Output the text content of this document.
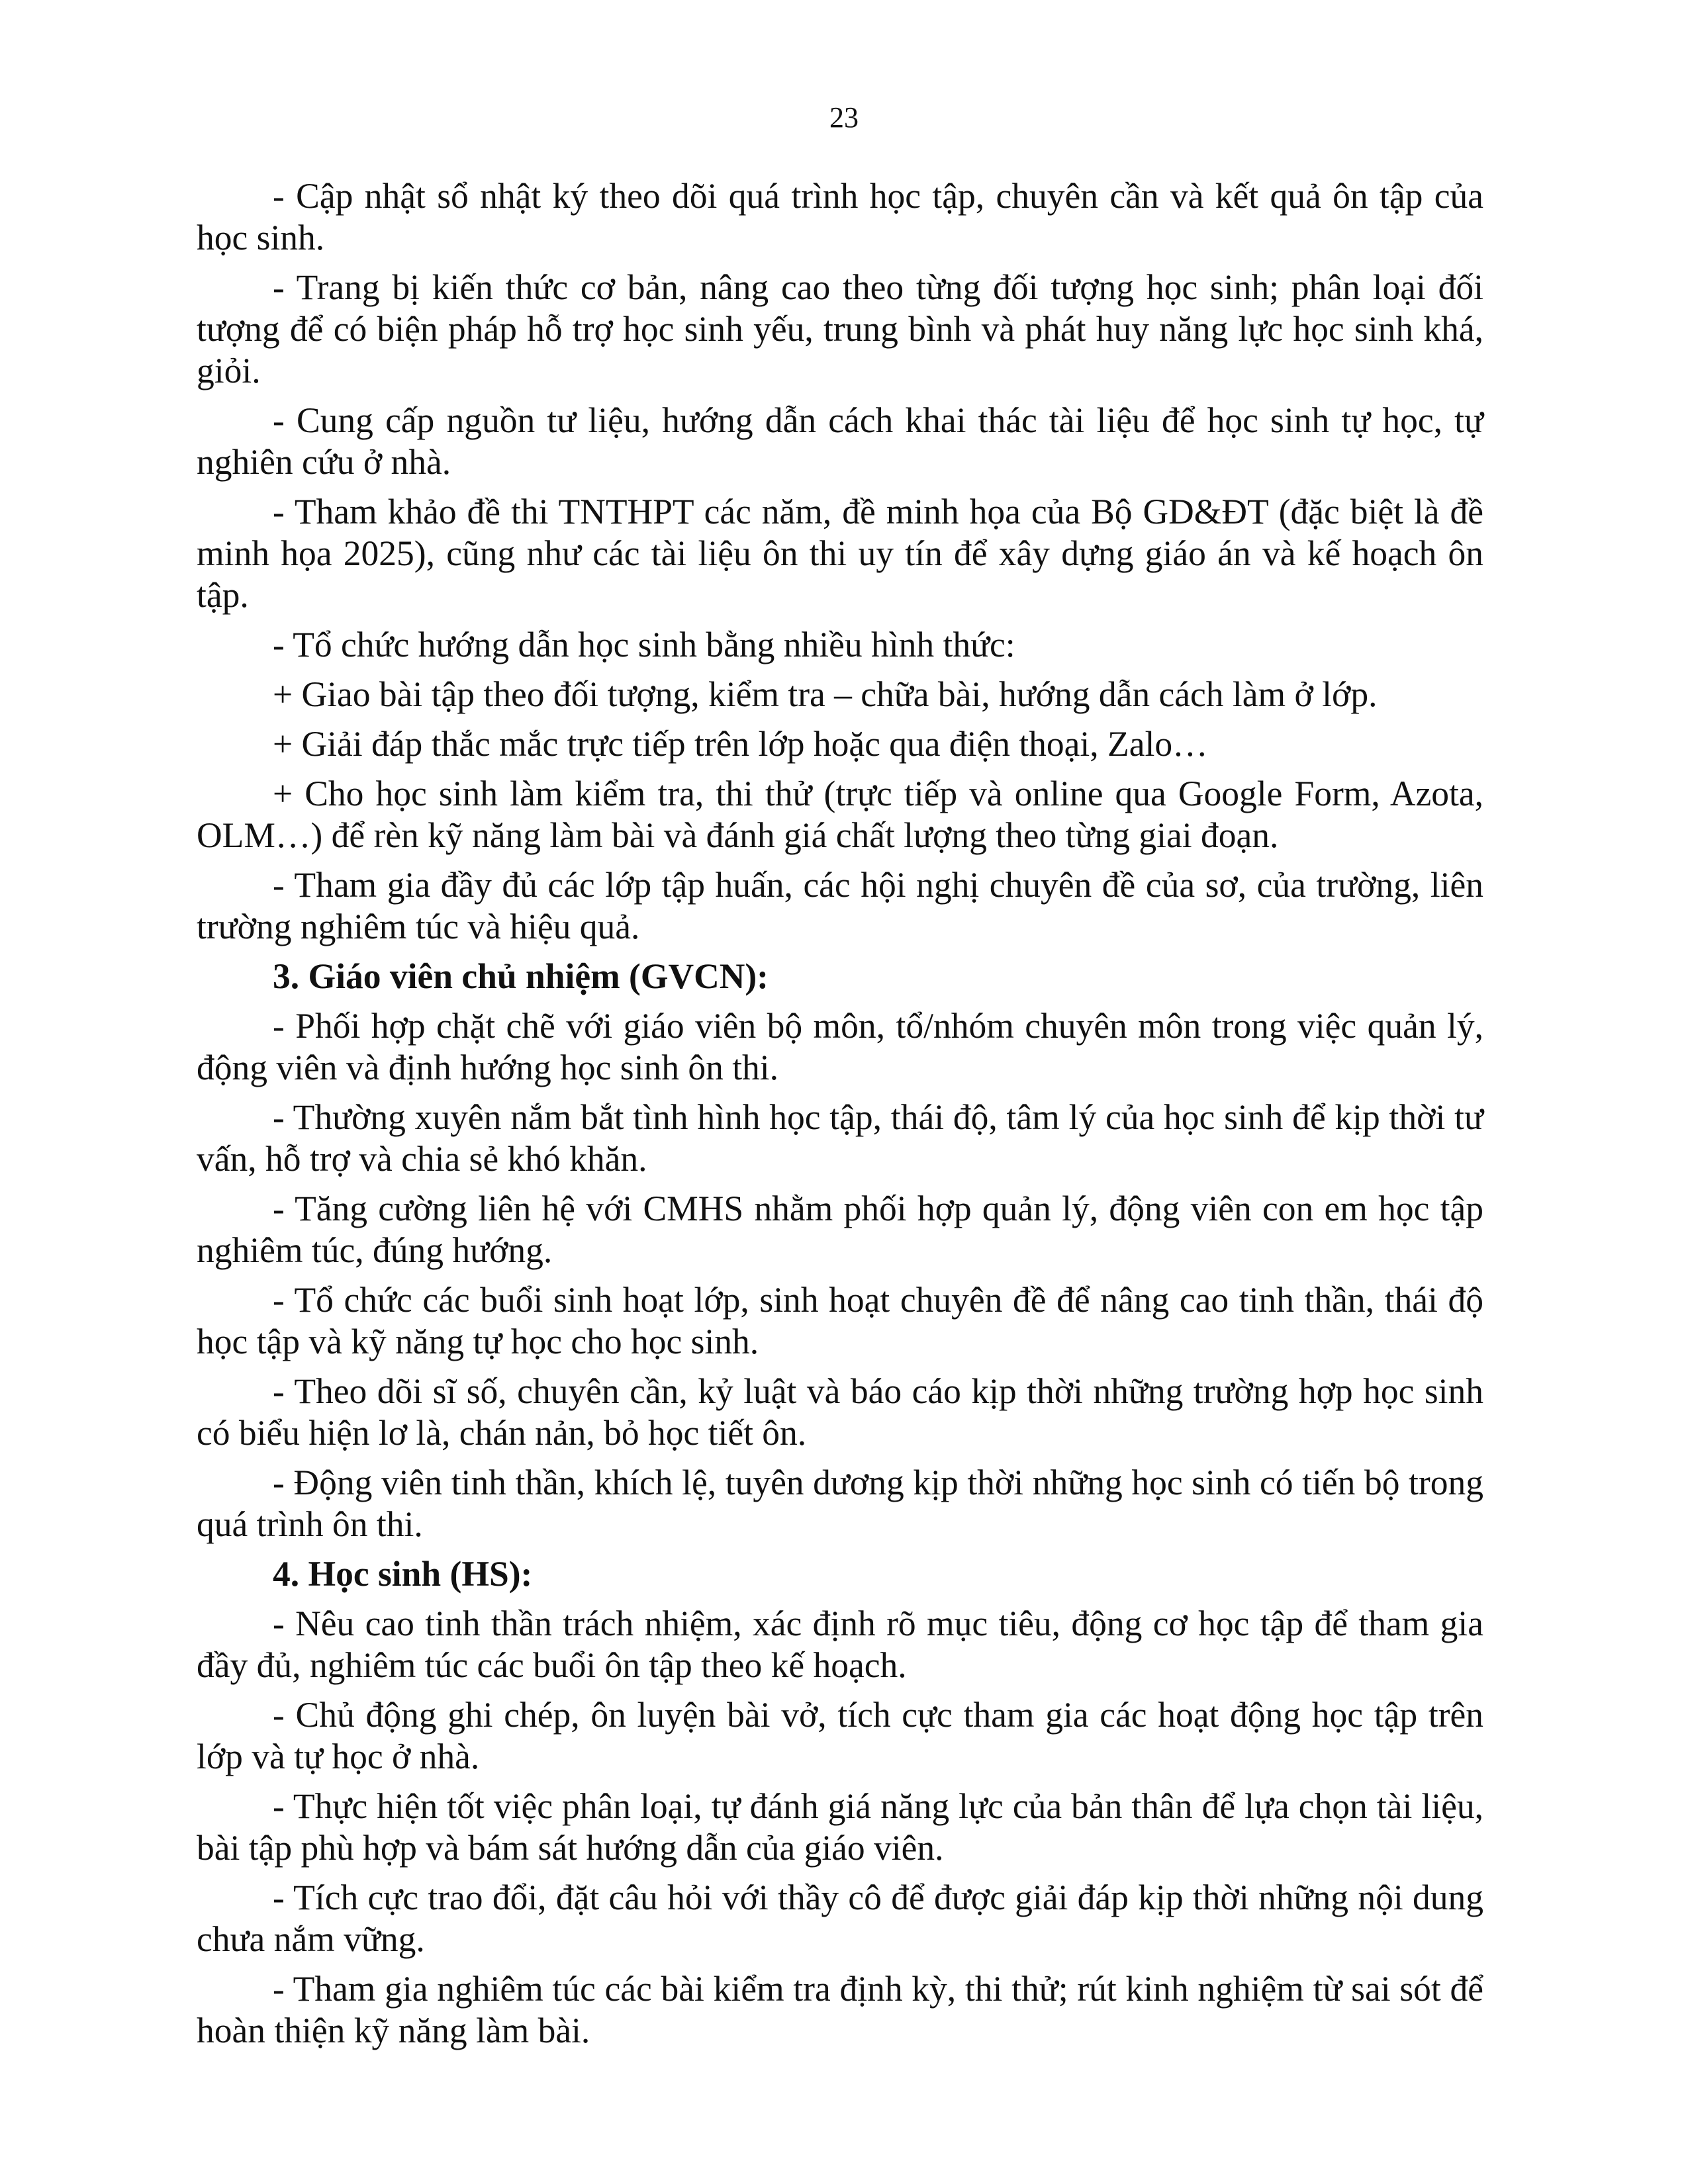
23

- Cập nhật sổ nhật ký theo dõi quá trình học tập, chuyên cần và kết quả ôn tập của học sinh.

- Trang bị kiến thức cơ bản, nâng cao theo từng đối tượng học sinh; phân loại đối tượng để có biện pháp hỗ trợ học sinh yếu, trung bình và phát huy năng lực học sinh khá, giỏi.

- Cung cấp nguồn tư liệu, hướng dẫn cách khai thác tài liệu để học sinh tự học, tự nghiên cứu ở nhà.

- Tham khảo đề thi TNTHPT các năm, đề minh họa của Bộ GD&ĐT (đặc biệt là đề minh họa 2025), cũng như các tài liệu ôn thi uy tín để xây dựng giáo án và kế hoạch ôn tập.

- Tổ chức hướng dẫn học sinh bằng nhiều hình thức:

+ Giao bài tập theo đối tượng, kiểm tra – chữa bài, hướng dẫn cách làm ở lớp.

+ Giải đáp thắc mắc trực tiếp trên lớp hoặc qua điện thoại, Zalo…

+ Cho học sinh làm kiểm tra, thi thử (trực tiếp và online qua Google Form, Azota, OLM…) để rèn kỹ năng làm bài và đánh giá chất lượng theo từng giai đoạn.

- Tham gia đầy đủ các lớp tập huấn, các hội nghị chuyên đề của sơ, của trường, liên trường nghiêm túc và hiệu quả.

3. Giáo viên chủ nhiệm (GVCN):

- Phối hợp chặt chẽ với giáo viên bộ môn, tổ/nhóm chuyên môn trong việc quản lý, động viên và định hướng học sinh ôn thi.

- Thường xuyên nắm bắt tình hình học tập, thái độ, tâm lý của học sinh để kịp thời tư vấn, hỗ trợ và chia sẻ khó khăn.

- Tăng cường liên hệ với CMHS nhằm phối hợp quản lý, động viên con em học tập nghiêm túc, đúng hướng.

- Tổ chức các buổi sinh hoạt lớp, sinh hoạt chuyên đề để nâng cao tinh thần, thái độ học tập và kỹ năng tự học cho học sinh.

- Theo dõi sĩ số, chuyên cần, kỷ luật và báo cáo kịp thời những trường hợp học sinh có biểu hiện lơ là, chán nản, bỏ học tiết ôn.

- Động viên tinh thần, khích lệ, tuyên dương kịp thời những học sinh có tiến bộ trong quá trình ôn thi.

4. Học sinh (HS):

- Nêu cao tinh thần trách nhiệm, xác định rõ mục tiêu, động cơ học tập để tham gia đầy đủ, nghiêm túc các buổi ôn tập theo kế hoạch.

- Chủ động ghi chép, ôn luyện bài vở, tích cực tham gia các hoạt động học tập trên lớp và tự học ở nhà.

- Thực hiện tốt việc phân loại, tự đánh giá năng lực của bản thân để lựa chọn tài liệu, bài tập phù hợp và bám sát hướng dẫn của giáo viên.

- Tích cực trao đổi, đặt câu hỏi với thầy cô để được giải đáp kịp thời những nội dung chưa nắm vững.

- Tham gia nghiêm túc các bài kiểm tra định kỳ, thi thử; rút kinh nghiệm từ sai sót để hoàn thiện kỹ năng làm bài.
